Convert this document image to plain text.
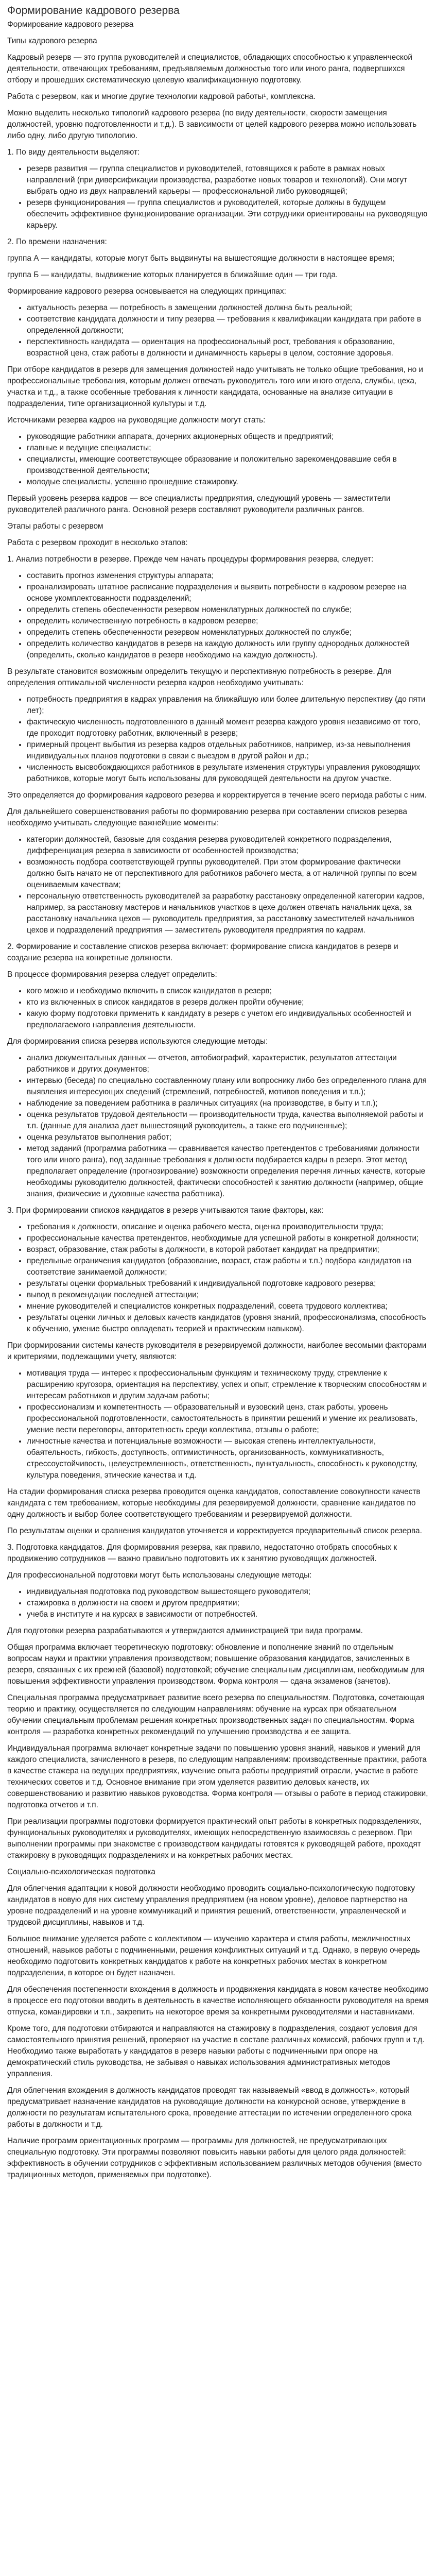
Формирование кадрового резерва

Формирование кадрового резерва

Типы кадрового резерва

Кадровый резерв — это группа руководителей и специалистов, обладающих способностью к управленческой деятельности, отвечающих требованиям, предъявляемым должностью того или иного ранга, подвергшихся отбору и прошедших систематическую целевую квалификационную подготовку.

Работа с резервом, как и многие другие технологии кадровой работы¹, комплексна.

Можно выделить несколько типологий кадрового резерва (по виду деятельности, скорости замещения должностей, уровню подготовленности и т.д.). В зависимости от целей кадрового резерва можно использовать либо одну, либо другую типологию.

1. По виду деятельности выделяют:

• резерв развития — группа специалистов и руководителей, готовящихся к работе в рамках новых направлений (при диверсификации производства, разработке новых товаров и технологий). Они могут выбрать одно из двух направлений карьеры — профессиональной либо руководящей;
• резерв функционирования — группа специалистов и руководителей, которые должны в будущем обеспечить эффективное функционирование организации. Эти сотрудники ориентированы на руководящую карьеру.

2. По времени назначения:

группа А — кандидаты, которые могут быть выдвинуты на вышестоящие должности в настоящее время;

группа Б — кандидаты, выдвижение которых планируется в ближайшие один — три года.

Формирование кадрового резерва основывается на следующих принципах:

• актуальность резерва — потребность в замещении должностей должна быть реальной;
• соответствие кандидата должности и типу резерва — требования к квалификации кандидата при работе в определенной должности;
• перспективность кандидата — ориентация на профессиональный рост, требования к образованию, возрастной ценз, стаж работы в должности и динамичность карьеры в целом, состояние здоровья.

При отборе кандидатов в резерв для замещения должностей надо учитывать не только общие требования, но и профессиональные требования, которым должен отвечать руководитель того или иного отдела, службы, цеха, участка и т.д., а также особенные требования к личности кандидата, основанные на анализе ситуации в подразделении, типе организационной культуры и т.д.

Источниками резерва кадров на руководящие должности могут стать:

• руководящие работники аппарата, дочерних акционерных обществ и предприятий;
• главные и ведущие специалисты;
• специалисты, имеющие соответствующее образование и положительно зарекомендовавшие себя в производственной деятельности;
• молодые специалисты, успешно прошедшие стажировку.

Первый уровень резерва кадров — все специалисты предприятия, следующий уровень — заместители руководителей различного ранга. Основной резерв составляют руководители различных рангов.

Этапы работы с резервом

Работа с резервом проходит в несколько этапов:

1. Анализ потребности в резерве. Прежде чем начать процедуры формирования резерва, следует:

• составить прогноз изменения структуры аппарата;
• проанализировать штатное расписание подразделения и выявить потребности в кадровом резерве на основе укомплектованности подразделений;
• определить степень обеспеченности резервом номенклатурных должностей по службе;
• определить количественную потребность в кадровом резерве;
• определить степень обеспеченности резервом номенклатурных должностей по службе;
• определить количество кандидатов в резерв на каждую должность или группу однородных должностей (определить, сколько кандидатов в резерв необходимо на каждую должность).

В результате становится возможным определить текущую и перспективную потребность в резерве. Для определения оптимальной численности резерва кадров необходимо учитывать:

• потребность предприятия в кадрах управления на ближайшую или более длительную перспективу (до пяти лет);
• фактическую численность подготовленного в данный момент резерва каждого уровня независимо от того, где проходит подготовку работник, включенный в резерв;
• примерный процент выбытия из резерва кадров отдельных работников, например, из-за невыполнения индивидуальных планов подготовки в связи с выездом в другой район и др.;
• численность высвобождающихся работников в результате изменения структуры управления руководящих работников, которые могут быть использованы для руководящей деятельности на другом участке.

Это определяется до формирования кадрового резерва и корректируется в течение всего периода работы с ним.

Для дальнейшего совершенствования работы по формированию резерва при составлении списков резерва необходимо учитывать следующие важнейшие моменты:

• категории должностей, базовые для создания резерва руководителей конкретного подразделения, дифференциация резерва в зависимости от особенностей производства;
• возможность подбора соответствующей группы руководителей. При этом формирование фактически должно быть начато не от перспективного для работников рабочего места, а от наличной группы по всем оцениваемым качествам;
• персональную ответственность руководителей за разработку расстановку определенной категории кадров, например, за расстановку мастеров и начальников участков в цехе должен отвечать начальник цеха, за расстановку начальника цехов — руководитель предприятия, за расстановку заместителей начальников цехов и подразделений предприятия — заместитель руководителя предприятия по кадрам.

2. Формирование и составление списков резерва включает: формирование списка кандидатов в резерв и создание резерва на конкретные должности.

В процессе формирования резерва следует определить:

• кого можно и необходимо включить в список кандидатов в резерв;
• кто из включенных в список кандидатов в резерв должен пройти обучение;
• какую форму подготовки применить к кандидату в резерв с учетом его индивидуальных особенностей и предполагаемого направления деятельности.

Для формирования списка резерва используются следующие методы:

• анализ документальных данных — отчетов, автобиографий, характеристик, результатов аттестации работников и других документов;
• интервью (беседа) по специально составленному плану или вопроснику либо без определенного плана для выявления интересующих сведений (стремлений, потребностей, мотивов поведения и т.п.);
• наблюдение за поведением работника в различных ситуациях (на производстве, в быту и т.п.);
• оценка результатов трудовой деятельности — производительности труда, качества выполняемой работы и т.п. (данные для анализа дает вышестоящий руководитель, а также его подчиненные);
• оценка результатов выполнения работ;
• метод заданий (программа работника — сравнивается качество претендентов с требованиями должности того или иного ранга), под заданные требования к должности подбирается кадры в резерв. Этот метод предполагает определение (прогнозирование) возможности определения перечня личных качеств, которые необходимы руководителю должностей, фактически способностей к занятию должности (например, общие знания, физические и духовные качества работника).

3. При формировании списков кандидатов в резерв учитываются такие факторы, как:

• требования к должности, описание и оценка рабочего места, оценка производительности труда;
• профессиональные качества претендентов, необходимые для успешной работы в конкретной должности;
• возраст, образование, стаж работы в должности, в которой работает кандидат на предприятии;
• предельные ограничения кандидатов (образование, возраст, стаж работы и т.п.) подбора кандидатов на соответствие занимаемой должности;
• результаты оценки формальных требований к индивидуальной подготовке кадрового резерва;
• вывод в рекомендации последней аттестации;
• мнение руководителей и специалистов конкретных подразделений, совета трудового коллектива;
• результаты оценки личных и деловых качеств кандидатов (уровня знаний, профессионализма, способность к обучению, умение быстро овладевать теорией и практическим навыком).

При формировании системы качеств руководителя в резервируемой должности, наиболее весомыми факторами и критериями, подлежащими учету, являются:

• мотивация труда — интерес к профессиональным функциям и техническому труду, стремление к расширению кругозора, ориентация на перспективу, успех и опыт, стремление к творческим способностям и интересам работников и другим задачам работы;
• профессионализм и компетентность — образовательный и вузовский ценз, стаж работы, уровень профессиональной подготовленности, самостоятельность в принятии решений и умение их реализовать, умение вести переговоры, авторитетность среди коллектива, отзывы о работе;
• личностные качества и потенциальные возможности — высокая степень интеллектуальности, обаятельность, гибкость, доступность, оптимистичность, организованность, коммуникативность, стрессоустойчивость, целеустремленность, ответственность, пунктуальность, способность к руководству, культура поведения, этические качества и т.д.

На стадии формирования списка резерва проводится оценка кандидатов, сопоставление совокупности качеств кандидата с тем требованием, которые необходимы для резервируемой должности, сравнение кандидатов по одну должность и выбор более соответствующего требованиям и резервируемой должности.

По результатам оценки и сравнения кандидатов уточняется и корректируется предварительный список резерва.

3. Подготовка кандидатов. Для формирования резерва, как правило, недостаточно отобрать способных к продвижению сотрудников — важно правильно подготовить их к занятию руководящих должностей.

Для профессиональной подготовки могут быть использованы следующие методы:

• индивидуальная подготовка под руководством вышестоящего руководителя;
• стажировка в должности на своем и другом предприятии;
• учеба в институте и на курсах в зависимости от потребностей.

Для подготовки резерва разрабатываются и утверждаются администрацией три вида программ.

Общая программа включает теоретическую подготовку: обновление и пополнение знаний по отдельным вопросам науки и практики управления производством; повышение образования кандидатов, зачисленных в резерв, связанных с их прежней (базовой) подготовкой; обучение специальным дисциплинам, необходимым для повышения эффективности управления производством. Форма контроля — сдача экзаменов (зачетов).

Специальная программа предусматривает развитие всего резерва по специальностям. Подготовка, сочетающая теорию и практику, осуществляется по следующим направлениям: обучение на курсах при обязательном обучении специальным проблемам решения конкретных производственных задач по специальностям. Форма контроля — разработка конкретных рекомендаций по улучшению производства и ее защита.

Индивидуальная программа включает конкретные задачи по повышению уровня знаний, навыков и умений для каждого специалиста, зачисленного в резерв, по следующим направлениям: производственные практики, работа в качестве стажера на ведущих предприятиях, изучение опыта работы предприятий отрасли, участие в работе технических советов и т.д. Основное внимание при этом уделяется развитию деловых качеств, их совершенствованию и развитию навыков руководства. Форма контроля — отзывы о работе в период стажировки, подготовка отчетов и т.п.

При реализации программы подготовки формируется практический опыт работы в конкретных подразделениях, функциональных руководителях и руководителях, имеющих непосредственную взаимосвязь с резервом. При выполнении программы при знакомстве с производством кандидаты готовятся к руководящей работе, проходят стажировку в руководящих подразделениях и на конкретных рабочих местах.

Социально-психологическая подготовка

Для облегчения адаптации к новой должности необходимо проводить социально-психологическую подготовку кандидатов в новую для них систему управления предприятием (на новом уровне), деловое партнерство на уровне подразделений и на уровне коммуникаций и принятия решений, ответственности, управленческой и трудовой дисциплины, навыков и т.д.

Большое внимание уделяется работе с коллективом — изучению характера и стиля работы, межличностных отношений, навыков работы с подчиненными, решения конфликтных ситуаций и т.д. Однако, в первую очередь необходимо подготовить конкретных кандидатов к работе на конкретных рабочих местах в конкретном подразделении, в которое он будет назначен.

Для обеспечения постепенности вхождения в должность и продвижения кандидата в новом качестве необходимо в процессе его подготовки вводить в деятельность в качестве исполняющего обязанности руководителя на время отпуска, командировки и т.п., закрепить на некоторое время за конкретными руководителями и наставниками.

Кроме того, для подготовки отбираются и направляются на стажировку в подразделения, создают условия для самостоятельного принятия решений, проверяют на участие в составе различных комиссий, рабочих групп и т.д. Необходимо также выработать у кандидатов в резерв навыки работы с подчиненными при опоре на демократический стиль руководства, не забывая о навыках использования административных методов управления.

Для облегчения вхождения в должность кандидатов проводят так называемый «ввод в должность», который предусматривает назначение кандидатов на руководящие должности на конкурсной основе, утверждение в должности по результатам испытательного срока, проведение аттестации по истечении определенного срока работы в должности и т.д.

Наличие программ ориентационных программ — программы для должностей, не предусматривающих специальную подготовку. Эти программы позволяют повысить навыки работы для целого ряда должностей: эффективность в обучении сотрудников с эффективным использованием различных методов обучения (вместо традиционных методов, применяемых при подготовке).
